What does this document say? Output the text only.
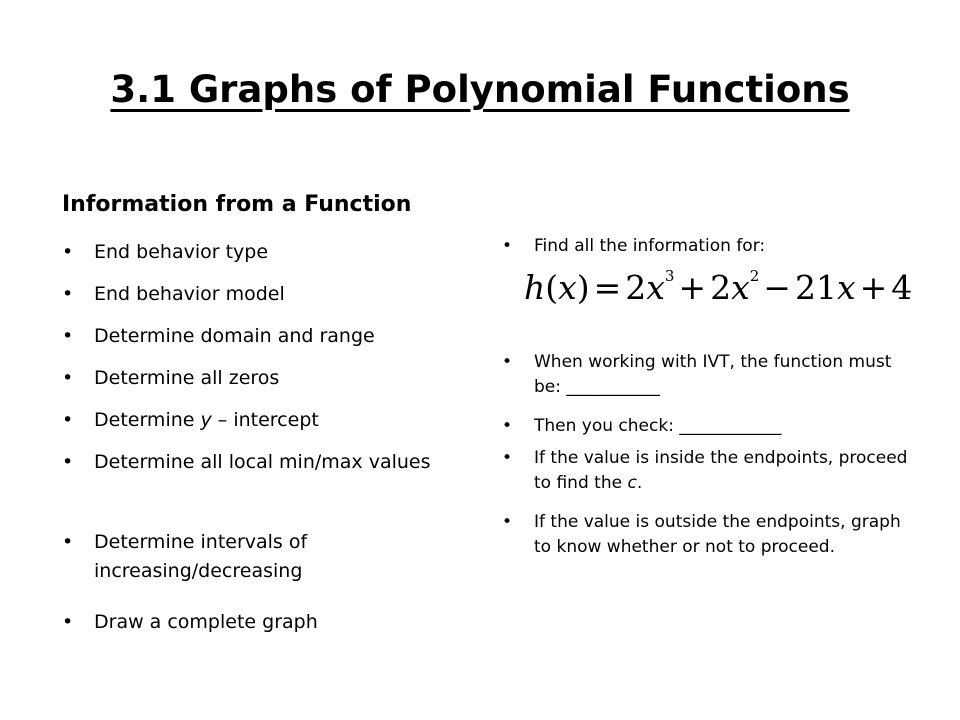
3.1 Graphs of Polynomial Functions
Information from a Function
• End behavior type
• End behavior model
• Determine domain and range
• Determine all zeros
• Determine y – intercept
• Determine all local min/max values
• Determine intervals of increasing/decreasing
• Draw a complete graph
• Find all the information for:
$h(x) = 2x^3 + 2x^2 - 21x + 4$
• When working with IVT, the function must be: ___________
• Then you check: ____________
• If the value is inside the endpoints, proceed to find the c.
• If the value is outside the endpoints, graph to know whether or not to proceed.
